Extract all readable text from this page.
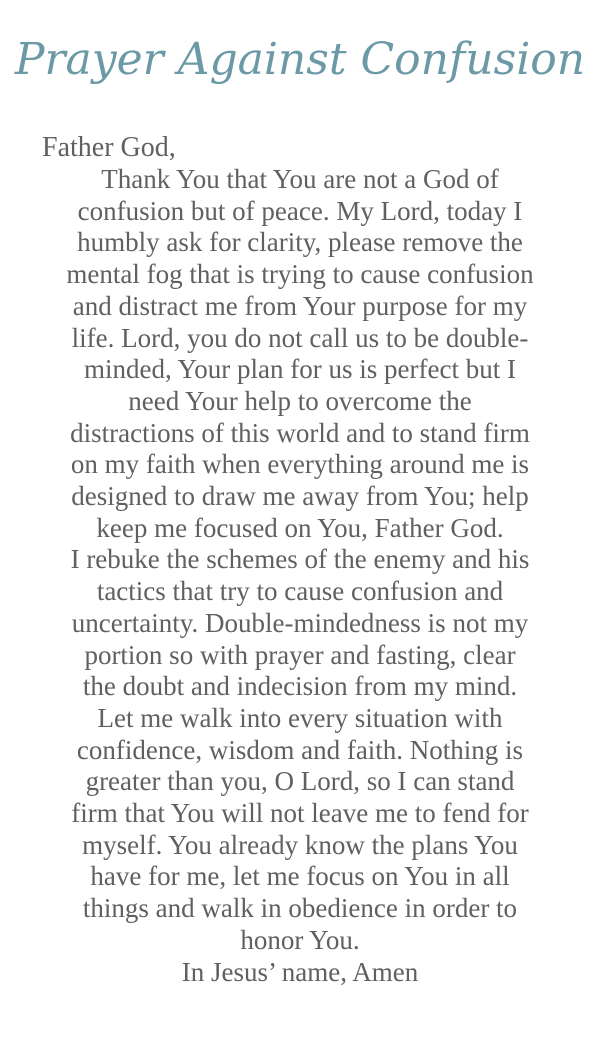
Prayer Against Confusion

Father God,

Thank You that You are not a God of
confusion but of peace. My Lord, today I
humbly ask for clarity, please remove the
mental fog that is trying to cause confusion
and distract me from Your purpose for my
life. Lord, you do not call us to be double-
minded, Your plan for us is perfect but I
need Your help to overcome the
distractions of this world and to stand firm
on my faith when everything around me is
designed to draw me away from You; help
keep me focused on You, Father God.
I rebuke the schemes of the enemy and his
tactics that try to cause confusion and
uncertainty. Double-mindedness is not my
portion so with prayer and fasting, clear
the doubt and indecision from my mind.
Let me walk into every situation with
confidence, wisdom and faith. Nothing is
greater than you, O Lord, so I can stand
firm that You will not leave me to fend for
myself. You already know the plans You
have for me, let me focus on You in all
things and walk in obedience in order to
honor You.
In Jesus’ name, Amen
